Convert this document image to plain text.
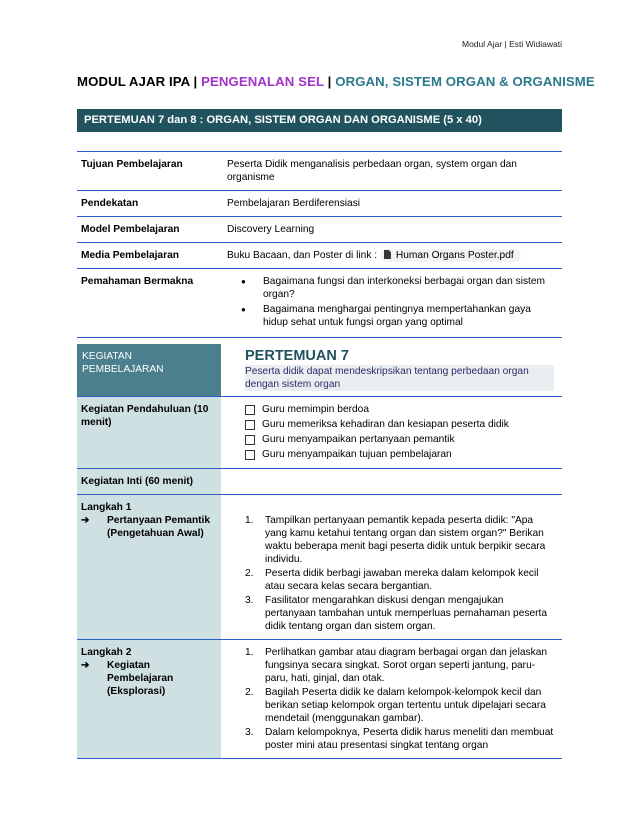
Modul Ajar | Esti Widiawati
MODUL AJAR IPA | PENGENALAN SEL | ORGAN, SISTEM ORGAN & ORGANISME
PERTEMUAN 7 dan 8 : ORGAN, SISTEM ORGAN DAN ORGANISME (5 x 40)
Tujuan Pembelajaran	Peserta Didik menganalisis perbedaan organ, system organ dan organisme
Pendekatan	Pembelajaran Berdiferensiasi
Model Pembelajaran	Discovery Learning
Media Pembelajaran	Buku Bacaan, dan Poster di link : Human Organs Poster.pdf
Pemahaman Bermakna
●	Bagaimana fungsi dan interkoneksi berbagai organ dan sistem organ?
● Bagaimana menghargai pentingnya mempertahankan gaya hidup sehat untuk fungsi organ yang optimal
KEGIATAN PEMBELAJARAN
PERTEMUAN 7
Peserta didik dapat mendeskripsikan tentang perbedaan organ dengan sistem organ
Kegiatan Pendahuluan (10 menit)
Guru memimpin berdoa
Guru memeriksa kehadiran dan kesiapan peserta didik
Guru menyampaikan pertanyaan pemantik
Guru menyampaikan tujuan pembelajaran
Kegiatan Inti (60 menit)
Langkah 1
➔	Pertanyaan Pemantik (Pengetahuan Awal)
1. Tampilkan pertanyaan pemantik kepada peserta didik: "Apa yang kamu ketahui tentang organ dan sistem organ?" Berikan waktu beberapa menit bagi peserta didik untuk berpikir secara individu.
2. Peserta didik berbagi jawaban mereka dalam kelompok kecil atau secara kelas secara bergantian.
3. Fasilitator mengarahkan diskusi dengan mengajukan pertanyaan tambahan untuk memperluas pemahaman peserta didik tentang organ dan sistem organ.
Langkah 2
➔	Kegiatan Pembelajaran (Eksplorasi)
1. Perlihatkan gambar atau diagram berbagai organ dan jelaskan fungsinya secara singkat. Sorot organ seperti jantung, paru-paru, hati, ginjal, dan otak.
2. Bagilah Peserta didik ke dalam kelompok-kelompok kecil dan berikan setiap kelompok organ tertentu untuk dipelajari secara mendetail (menggunakan gambar).
3. Dalam kelompoknya, Peserta didik harus meneliti dan membuat poster mini atau presentasi singkat tentang organ
